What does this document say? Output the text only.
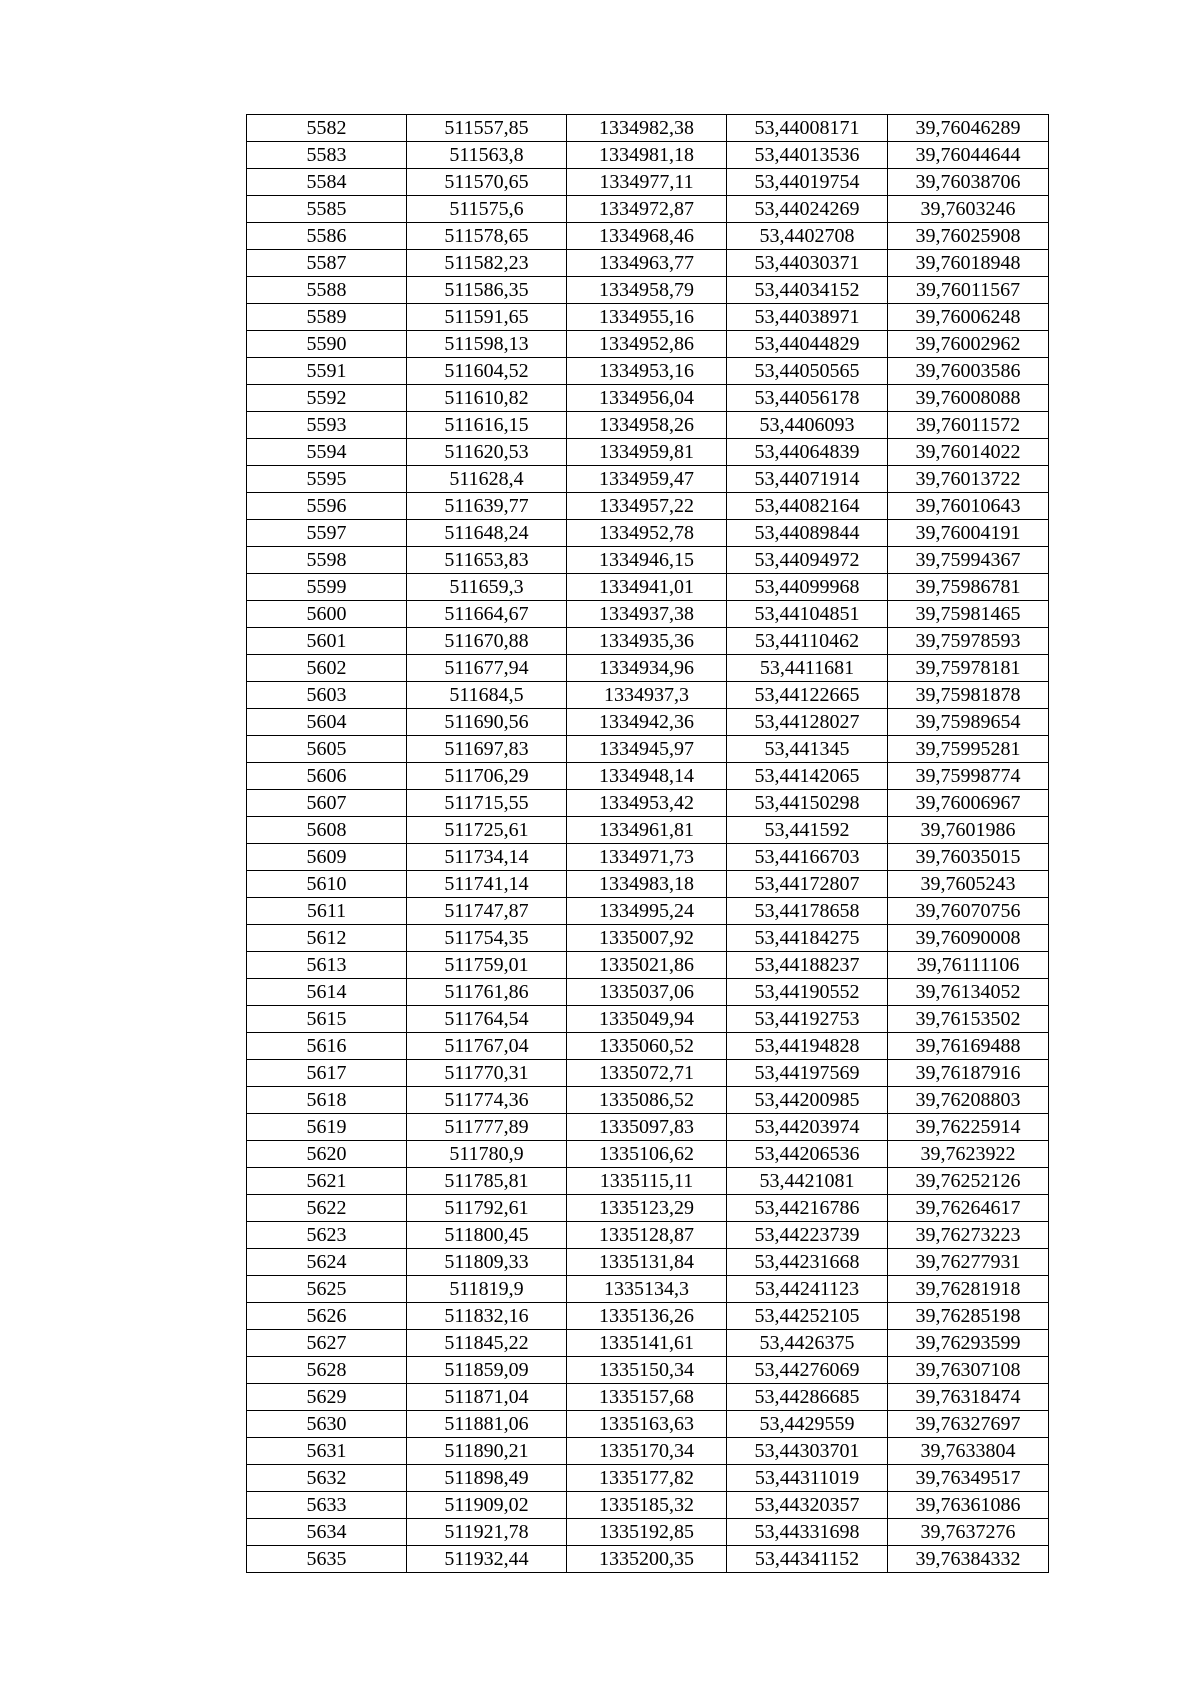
5582	511557,85	1334982,38	53,44008171	39,76046289
5583	511563,8	1334981,18	53,44013536	39,76044644
5584	511570,65	1334977,11	53,44019754	39,76038706
5585	511575,6	1334972,87	53,44024269	39,7603246
5586	511578,65	1334968,46	53,4402708	39,76025908
5587	511582,23	1334963,77	53,44030371	39,76018948
5588	511586,35	1334958,79	53,44034152	39,76011567
5589	511591,65	1334955,16	53,44038971	39,76006248
5590	511598,13	1334952,86	53,44044829	39,76002962
5591	511604,52	1334953,16	53,44050565	39,76003586
5592	511610,82	1334956,04	53,44056178	39,76008088
5593	511616,15	1334958,26	53,4406093	39,76011572
5594	511620,53	1334959,81	53,44064839	39,76014022
5595	511628,4	1334959,47	53,44071914	39,76013722
5596	511639,77	1334957,22	53,44082164	39,76010643
5597	511648,24	1334952,78	53,44089844	39,76004191
5598	511653,83	1334946,15	53,44094972	39,75994367
5599	511659,3	1334941,01	53,44099968	39,75986781
5600	511664,67	1334937,38	53,44104851	39,75981465
5601	511670,88	1334935,36	53,44110462	39,75978593
5602	511677,94	1334934,96	53,4411681	39,75978181
5603	511684,5	1334937,3	53,44122665	39,75981878
5604	511690,56	1334942,36	53,44128027	39,75989654
5605	511697,83	1334945,97	53,441345	39,75995281
5606	511706,29	1334948,14	53,44142065	39,75998774
5607	511715,55	1334953,42	53,44150298	39,76006967
5608	511725,61	1334961,81	53,441592	39,7601986
5609	511734,14	1334971,73	53,44166703	39,76035015
5610	511741,14	1334983,18	53,44172807	39,7605243
5611	511747,87	1334995,24	53,44178658	39,76070756
5612	511754,35	1335007,92	53,44184275	39,76090008
5613	511759,01	1335021,86	53,44188237	39,76111106
5614	511761,86	1335037,06	53,44190552	39,76134052
5615	511764,54	1335049,94	53,44192753	39,76153502
5616	511767,04	1335060,52	53,44194828	39,76169488
5617	511770,31	1335072,71	53,44197569	39,76187916
5618	511774,36	1335086,52	53,44200985	39,76208803
5619	511777,89	1335097,83	53,44203974	39,76225914
5620	511780,9	1335106,62	53,44206536	39,7623922
5621	511785,81	1335115,11	53,4421081	39,76252126
5622	511792,61	1335123,29	53,44216786	39,76264617
5623	511800,45	1335128,87	53,44223739	39,76273223
5624	511809,33	1335131,84	53,44231668	39,76277931
5625	511819,9	1335134,3	53,44241123	39,76281918
5626	511832,16	1335136,26	53,44252105	39,76285198
5627	511845,22	1335141,61	53,4426375	39,76293599
5628	511859,09	1335150,34	53,44276069	39,76307108
5629	511871,04	1335157,68	53,44286685	39,76318474
5630	511881,06	1335163,63	53,4429559	39,76327697
5631	511890,21	1335170,34	53,44303701	39,7633804
5632	511898,49	1335177,82	53,44311019	39,76349517
5633	511909,02	1335185,32	53,44320357	39,76361086
5634	511921,78	1335192,85	53,44331698	39,7637276
5635	511932,44	1335200,35	53,44341152	39,76384332
